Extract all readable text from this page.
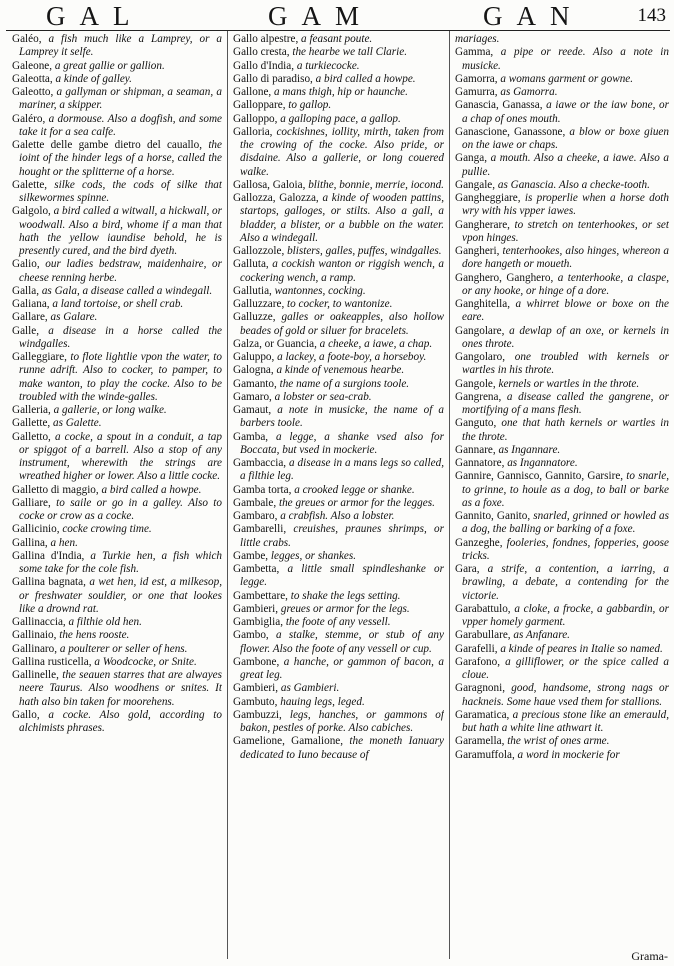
GAL	GAM	GAN	143

Galéo, a fish much like a Lamprey, or a Lamprey it selfe.

Galeone, a great gallie or gallion.

Galeotta, a kinde of galley.

Galeotto, a gallyman or shipman, a seaman, a mariner, a skipper.

Galéro, a dormouse. Also a dogfish, and some take it for a sea calfe.

Galette delle gambe dietro del cauallo, the ioint of the hinder legs of a horse, called the hought or the splitterne of a horse.

Galette, silke cods, the cods of silke that silkewormes spinne.

Galgolo, a bird called a witwall, a hickwall, or woodwall. Also a bird, whome if a man that hath the yellow iaundise behold, he is presently cured, and the bird dyeth.

Galio, our ladies bedstraw, maidenhaire, or cheese renning herbe.

Galla, as Gala, a disease called a windegall.

Galiana, a land tortoise, or shell crab.

Gallare, as Galare.

Galle, a disease in a horse called the windgalles.

Galleggiare, to flote lightlie vpon the water, to runne adrift. Also to cocker, to pamper, to make wanton, to play the cocke. Also to be troubled with the winde-galles.

Galleria, a gallerie, or long walke.

Gallette, as Galette.

Galletto, a cocke, a spout in a conduit, a tap or spiggot of a barrell. Also a stop of any instrument, wherewith the strings are wreathed higher or lower. Also a little cocke.

Galletto di maggio, a bird called a howpe.

Galliare, to saile or go in a galley. Also to cocke or crow as a cocke.

Gallicinio, cocke crowing time.

Gallina, a hen.

Gallina d'India, a Turkie hen, a fish which some take for the cole fish.

Gallina bagnata, a wet hen, id est, a milkesop, or freshwater souldier, or one that lookes like a drownd rat.

Gallinaccia, a filthie old hen.

Gallinaio, the hens rooste.

Gallinaro, a poulterer or seller of hens.

Gallina rusticella, a Woodcocke, or Snite.

Gallinelle, the seauen starres that are alwayes neere Taurus. Also woodhens or snites. It hath also bin taken for moorehens.

Gallo, a cocke. Also gold, according to alchimists phrases.

Gallo alpestre, a feasant poute.

Gallo cresta, the hearbe we tall Clarie.

Gallo d'India, a turkiecocke.

Gallo di paradiso, a bird called a howpe.

Gallone, a mans thigh, hip or haunche.

Galloppare, to gallop.

Galloppo, a galloping pace, a gallop.

Galloria, cockishnes, iollity, mirth, taken from the crowing of the cocke. Also pride, or disdaine. Also a gallerie, or long couered walke.

Gallosa, Galoia, blithe, bonnie, merrie, iocond.

Gallozza, Galozza, a kinde of wooden pattins, startops, galloges, or stilts. Also a gall, a bladder, a blister, or a bubble on the water. Also a windegall.

Gallozzole, blisters, galles, puffes, windgalles.

Galluta, a cockish wanton or riggish wench, a cockering wench, a ramp.

Gallutia, wantonnes, cocking.

Galluzzare, to cocker, to wantonize.

Galluzze, galles or oakeapples, also hollow beades of gold or siluer for bracelets.

Galza, or Guancia, a cheeke, a iawe, a chap.

Galuppo, a lackey, a foote-boy, a horseboy.

Galogna, a kinde of venemous hearbe.

Gamanto, the name of a surgions toole.

Gamaro, a lobster or sea-crab.

Gamaut, a note in musicke, the name of a barbers toole.

Gamba, a legge, a shanke vsed also for Boccata, but vsed in mockerie.

Gambaccia, a disease in a mans legs so called, a filthie leg.

Gamba torta, a crooked legge or shanke.

Gambale, the greues or armor for the legges.

Gambaro, a crabfish. Also a lobster.

Gambarelli, creuishes, praunes shrimps, or little crabs.

Gambe, legges, or shankes.

Gambetta, a little small spindleshanke or legge.

Gambettare, to shake the legs setting.

Gambieri, greues or armor for the legs.

Gambiglia, the foote of any vessell.

Gambo, a stalke, stemme, or stub of any flower. Also the foote of any vessell or cup.

Gambone, a hanche, or gammon of bacon, a great leg.

Gambieri, as Gambieri.

Gambuto, hauing legs, leged.

Gambuzzi, legs, hanches, or gammons of bakon, pestles of porke. Also cabiches.

Gamelione, Gamalione, the moneth Ianuary dedicated to Iuno because of

mariages.

Gamma, a pipe or reede. Also a note in musicke.

Gamorra, a womans garment or gowne.

Gamurra, as Gamorra.

Ganascia, Ganassa, a iawe or the iaw bone, or a chap of ones mouth.

Ganascione, Ganassone, a blow or boxe giuen on the iawe or chaps.

Ganga, a mouth. Also a cheeke, a iawe. Also a pullie.

Gangale, as Ganascia. Also a checke-tooth.

Gangheggiare, is properlie when a horse doth wry with his vpper iawes.

Gangherare, to stretch on tenterhookes, or set vpon hinges.

Gangheri, tenterhookes, also hinges, whereon a dore hangeth or moueth.

Ganghero, Ganghero, a tenterhooke, a claspe, or any hooke, or hinge of a dore.

Ganghitella, a whirret blowe or boxe on the eare.

Gangolare, a dewlap of an oxe, or kernels in ones throte.

Gangolaro, one troubled with kernels or wartles in his throte.

Gangole, kernels or wartles in the throte.

Gangrena, a disease called the gangrene, or mortifying of a mans flesh.

Ganguto, one that hath kernels or wartles in the throte.

Gannare, as Ingannare.

Gannatore, as Ingannatore.

Gannire, Gannisco, Gannito, Garsire, to snarle, to grinne, to houle as a dog, to ball or barke as a foxe.

Gannito, Ganito, snarled, grinned or howled as a dog, the balling or barking of a foxe.

Ganzeghe, fooleries, fondnes, fopperies, goose tricks.

Gara, a strife, a contention, a iarring, a brawling, a debate, a contending for the victorie.

Garabattulo, a cloke, a frocke, a gabbardin, or vpper homely garment.

Garabullare, as Anfanare.

Garafelli, a kinde of peares in Italie so named.

Garafono, a gilliflower, or the spice called a cloue.

Garagnoni, good, handsome, strong nags or hackneis. Some haue vsed them for stallions.

Garamatica, a precious stone like an emerauld, but hath a white line athwart it.

Garamella, the wrist of ones arme.

Garamuffola, a word in mockerie for

Grama-
